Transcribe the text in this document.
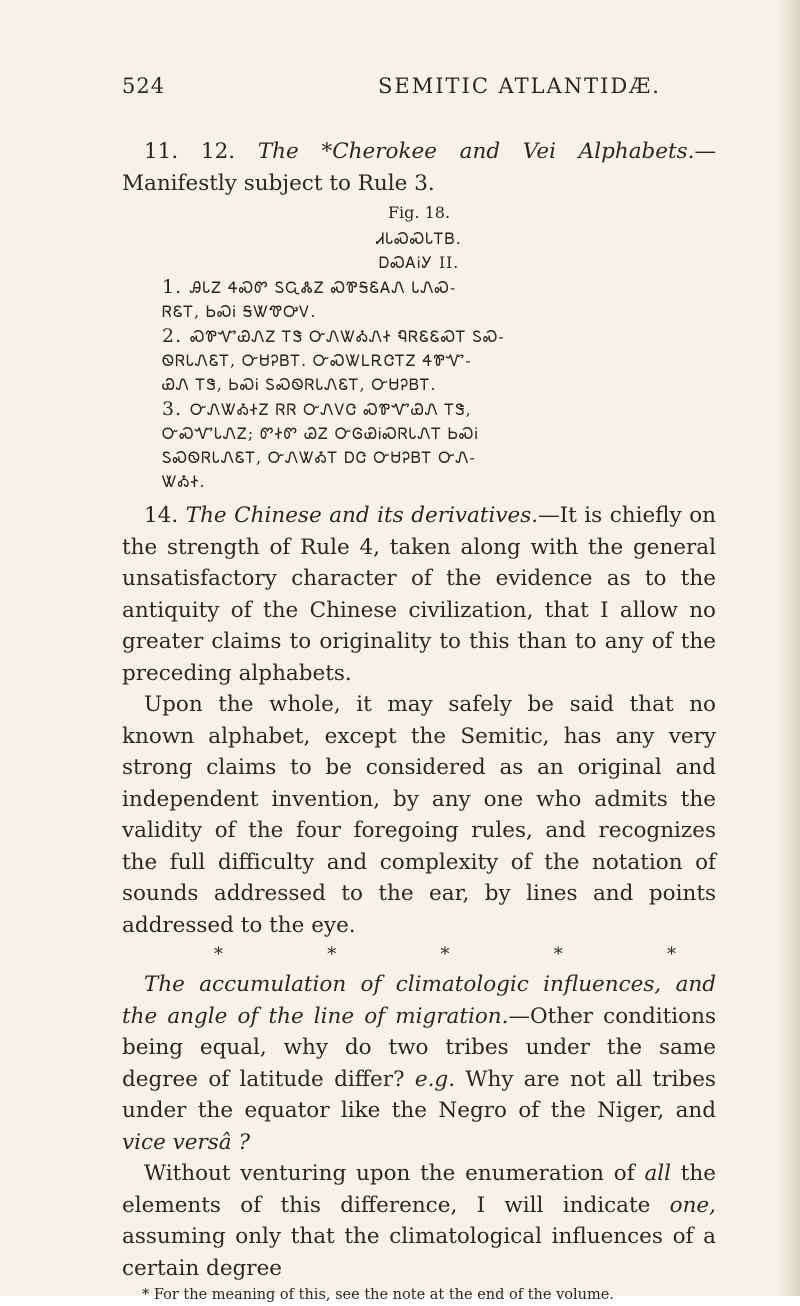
524	SEMITIC ATLANTIDÆ.

11. 12. The *Cherokee and Vei Alphabets.—Manifestly subject to Rule 3.

Fig. 18.
ᏗᏓᏍᏍᏓᎢᏴ.
ᎠᏍᎪᎥᎩ II.
1. ᎯᏓᏃ ᏎᏍᏛ ᏚᏩᏜᏃ ᏍᏈᎦᏋᎪᏁ ᏓᏁᏍ-
ᏒᏋᎢ, ᏏᏍᎥ ᎦᏔᏡᎤᏙ.
2. ᏍᏈᏉᏯᏁᏃ ᎢᏕ ᏅᏁᏔᎣᏁᏐ ᏄᏒᏋᏋᏍᎢ ᏚᏍ-
ᏫᏒᏓᏁᏋᎢ, ᏅᏌᎮᏴᎢ. ᏅᏍᏔᏞᎡᏣᎢᏃ ᏎᏈᏉ-
ᏯᏁ ᎢᏕ, ᏏᏍᎥ ᏚᏍᏫᏒᏓᏁᏋᎢ, ᏅᏌᎮᏴᎢ.
3. ᏅᏁᏔᎣᏐᏃ ᏒᏒ ᏅᏁᏙᏣ ᏍᏈᏉᏯᏁ ᎢᏕ,
ᏅᏍᏉᏓᏁᏃ; ᏛᏐᏛ ᏊᏃ ᏅᎶᏯᎥᏍᏒᏓᏁᎢ ᏏᏍᎥ
ᏚᏍᏫᏒᏓᏁᏋᎢ, ᏅᏁᏔᎣᎢ ᎠᏣ ᏅᏌᎮᏴᎢ ᏅᏁ-
ᏔᎣᏐ.

14. The Chinese and its derivatives.—It is chiefly on the strength of Rule 4, taken along with the general unsatisfactory character of the evidence as to the antiquity of the Chinese civilization, that I allow no greater claims to originality to this than to any of the preceding alphabets.

Upon the whole, it may safely be said that no known alphabet, except the Semitic, has any very strong claims to be considered as an original and independent invention, by any one who admits the validity of the four foregoing rules, and recognizes the full difficulty and complexity of the notation of sounds addressed to the ear, by lines and points addressed to the eye.

*	*	*	*	*

The accumulation of climatologic influences, and the angle of the line of migration.—Other conditions being equal, why do two tribes under the same degree of latitude differ? e.g. Why are not all tribes under the equator like the Negro of the Niger, and vice versâ ?

Without venturing upon the enumeration of all the elements of this difference, I will indicate one, assuming only that the climatological influences of a certain degree

* For the meaning of this, see the note at the end of the volume.
